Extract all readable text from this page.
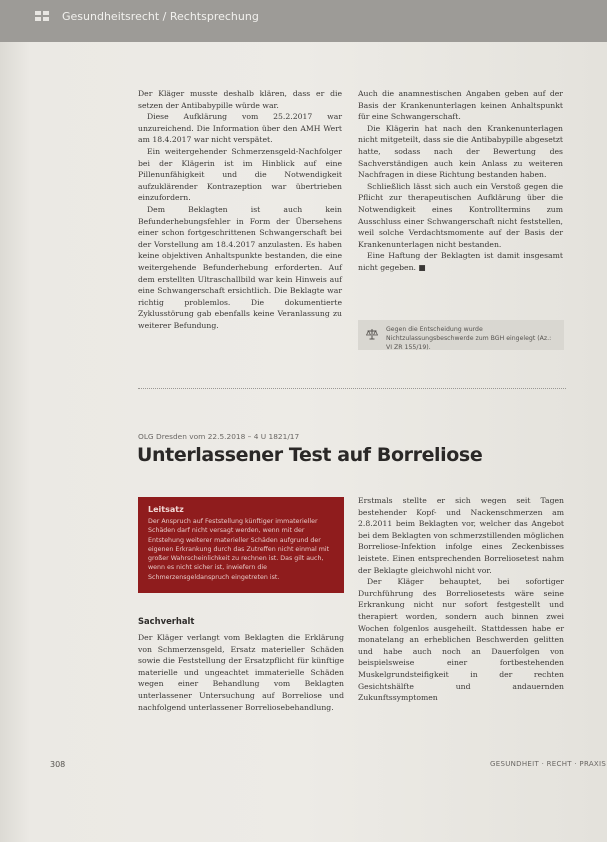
Gesundheitsrecht / Rechtsprechung

Der Kläger musste deshalb klären, dass er die setzen der Antibabypille würde war.

Diese Aufklärung vom 25.2.2017 war unzureichend. Die Information über den AMH Wert am 18.4.2017 war nicht verspätet.

Ein weitergehender Schmerzensgeld-Nachfolger bei der Klägerin ist im Hinblick auf eine Pillenunfähigkeit und die Notwendigkeit aufzuklärender Kontrazeption war übertrieben einzufordern.

Dem Beklagten ist auch kein Befunderhebungsfehler in Form der Übersehens einer schon fortgeschrittenen Schwangerschaft bei der Vorstellung am 18.4.2017 anzulasten. Es haben keine objektiven Anhaltspunkte bestanden, die eine weitergehende Befunderhebung erforderten. Auf dem erstellten Ultraschallbild war kein Hinweis auf eine Schwangerschaft ersichtlich. Die Beklagte war richtig problemlos. Die dokumentierte Zyklusstörung gab ebenfalls keine Veranlassung zu weiterer Befundung.

Auch die anamnestischen Angaben geben auf der Basis der Krankenunterlagen keinen Anhaltspunkt für eine Schwangerschaft.

Die Klägerin hat nach den Krankenunterlagen nicht mitgeteilt, dass sie die Antibabypille abgesetzt hatte, sodass nach der Bewertung des Sachverständigen auch kein Anlass zu weiteren Nachfragen in diese Richtung bestanden haben.

Schließlich lässt sich auch ein Verstoß gegen die Pflicht zur therapeutischen Aufklärung über die Notwendigkeit eines Kontrolltermins zum Ausschluss einer Schwangerschaft nicht feststellen, weil solche Verdachtsmomente auf der Basis der Krankenunterlagen nicht bestanden.

Eine Haftung der Beklagten ist damit insgesamt nicht gegeben. ■

Gegen die Entscheidung wurde Nichtzulassungsbeschwerde zum BGH eingelegt (Az.: VI ZR 155/19).
OLG Dresden vom 22.5.2018 – 4 U 1821/17
Unterlassener Test auf Borreliose
Leitsatz
Der Anspruch auf Feststellung künftiger immaterieller Schäden darf nicht versagt werden, wenn mit der Entstehung weiterer materieller Schäden aufgrund der eigenen Erkrankung durch das Zutreffen nicht einmal mit großer Wahrscheinlichkeit zu rechnen ist. Das gilt auch, wenn es nicht sicher ist, inwiefern die Schmerzensgeldanspruch eingetreten ist.
Sachverhalt

Der Kläger verlangt vom Beklagten die Erklärung von Schmerzensgeld, Ersatz materieller Schäden sowie die Feststellung der Ersatzpflicht für künftige materielle und ungeachtet immaterielle Schäden wegen einer Behandlung vom Beklagten unterlassener Untersuchung auf Borreliose und nachfolgend unterlassener Borreliosebehandlung.

Erstmals stellte er sich wegen seit Tagen bestehender Kopf- und Nackenschmerzen am 2.8.2011 beim Beklagten vor, welcher das Angebot bei dem Beklagten von schmerzstillenden möglichen Borreliose-Infektion infolge eines Zeckenbisses leistete. Einen entsprechenden Borreliosetest nahm der Beklagte gleichwohl nicht vor.

Der Kläger behauptet, bei sofortiger Durchführung des Borreliosetests wäre seine Erkrankung nicht nur sofort festgestellt und therapiert worden, sondern auch binnen zwei Wochen folgenlos ausgeheilt. Stattdessen habe er monatelang an erheblichen Beschwerden gelitten und habe auch noch an Dauerfolgen von beispielsweise einer fortbestehenden Muskelgrundsteifigkeit in der rechten Gesichtshälfte und andauernden Zukunftssymptomen

308	GESUNDHEIT · RECHT · PRAXIS
